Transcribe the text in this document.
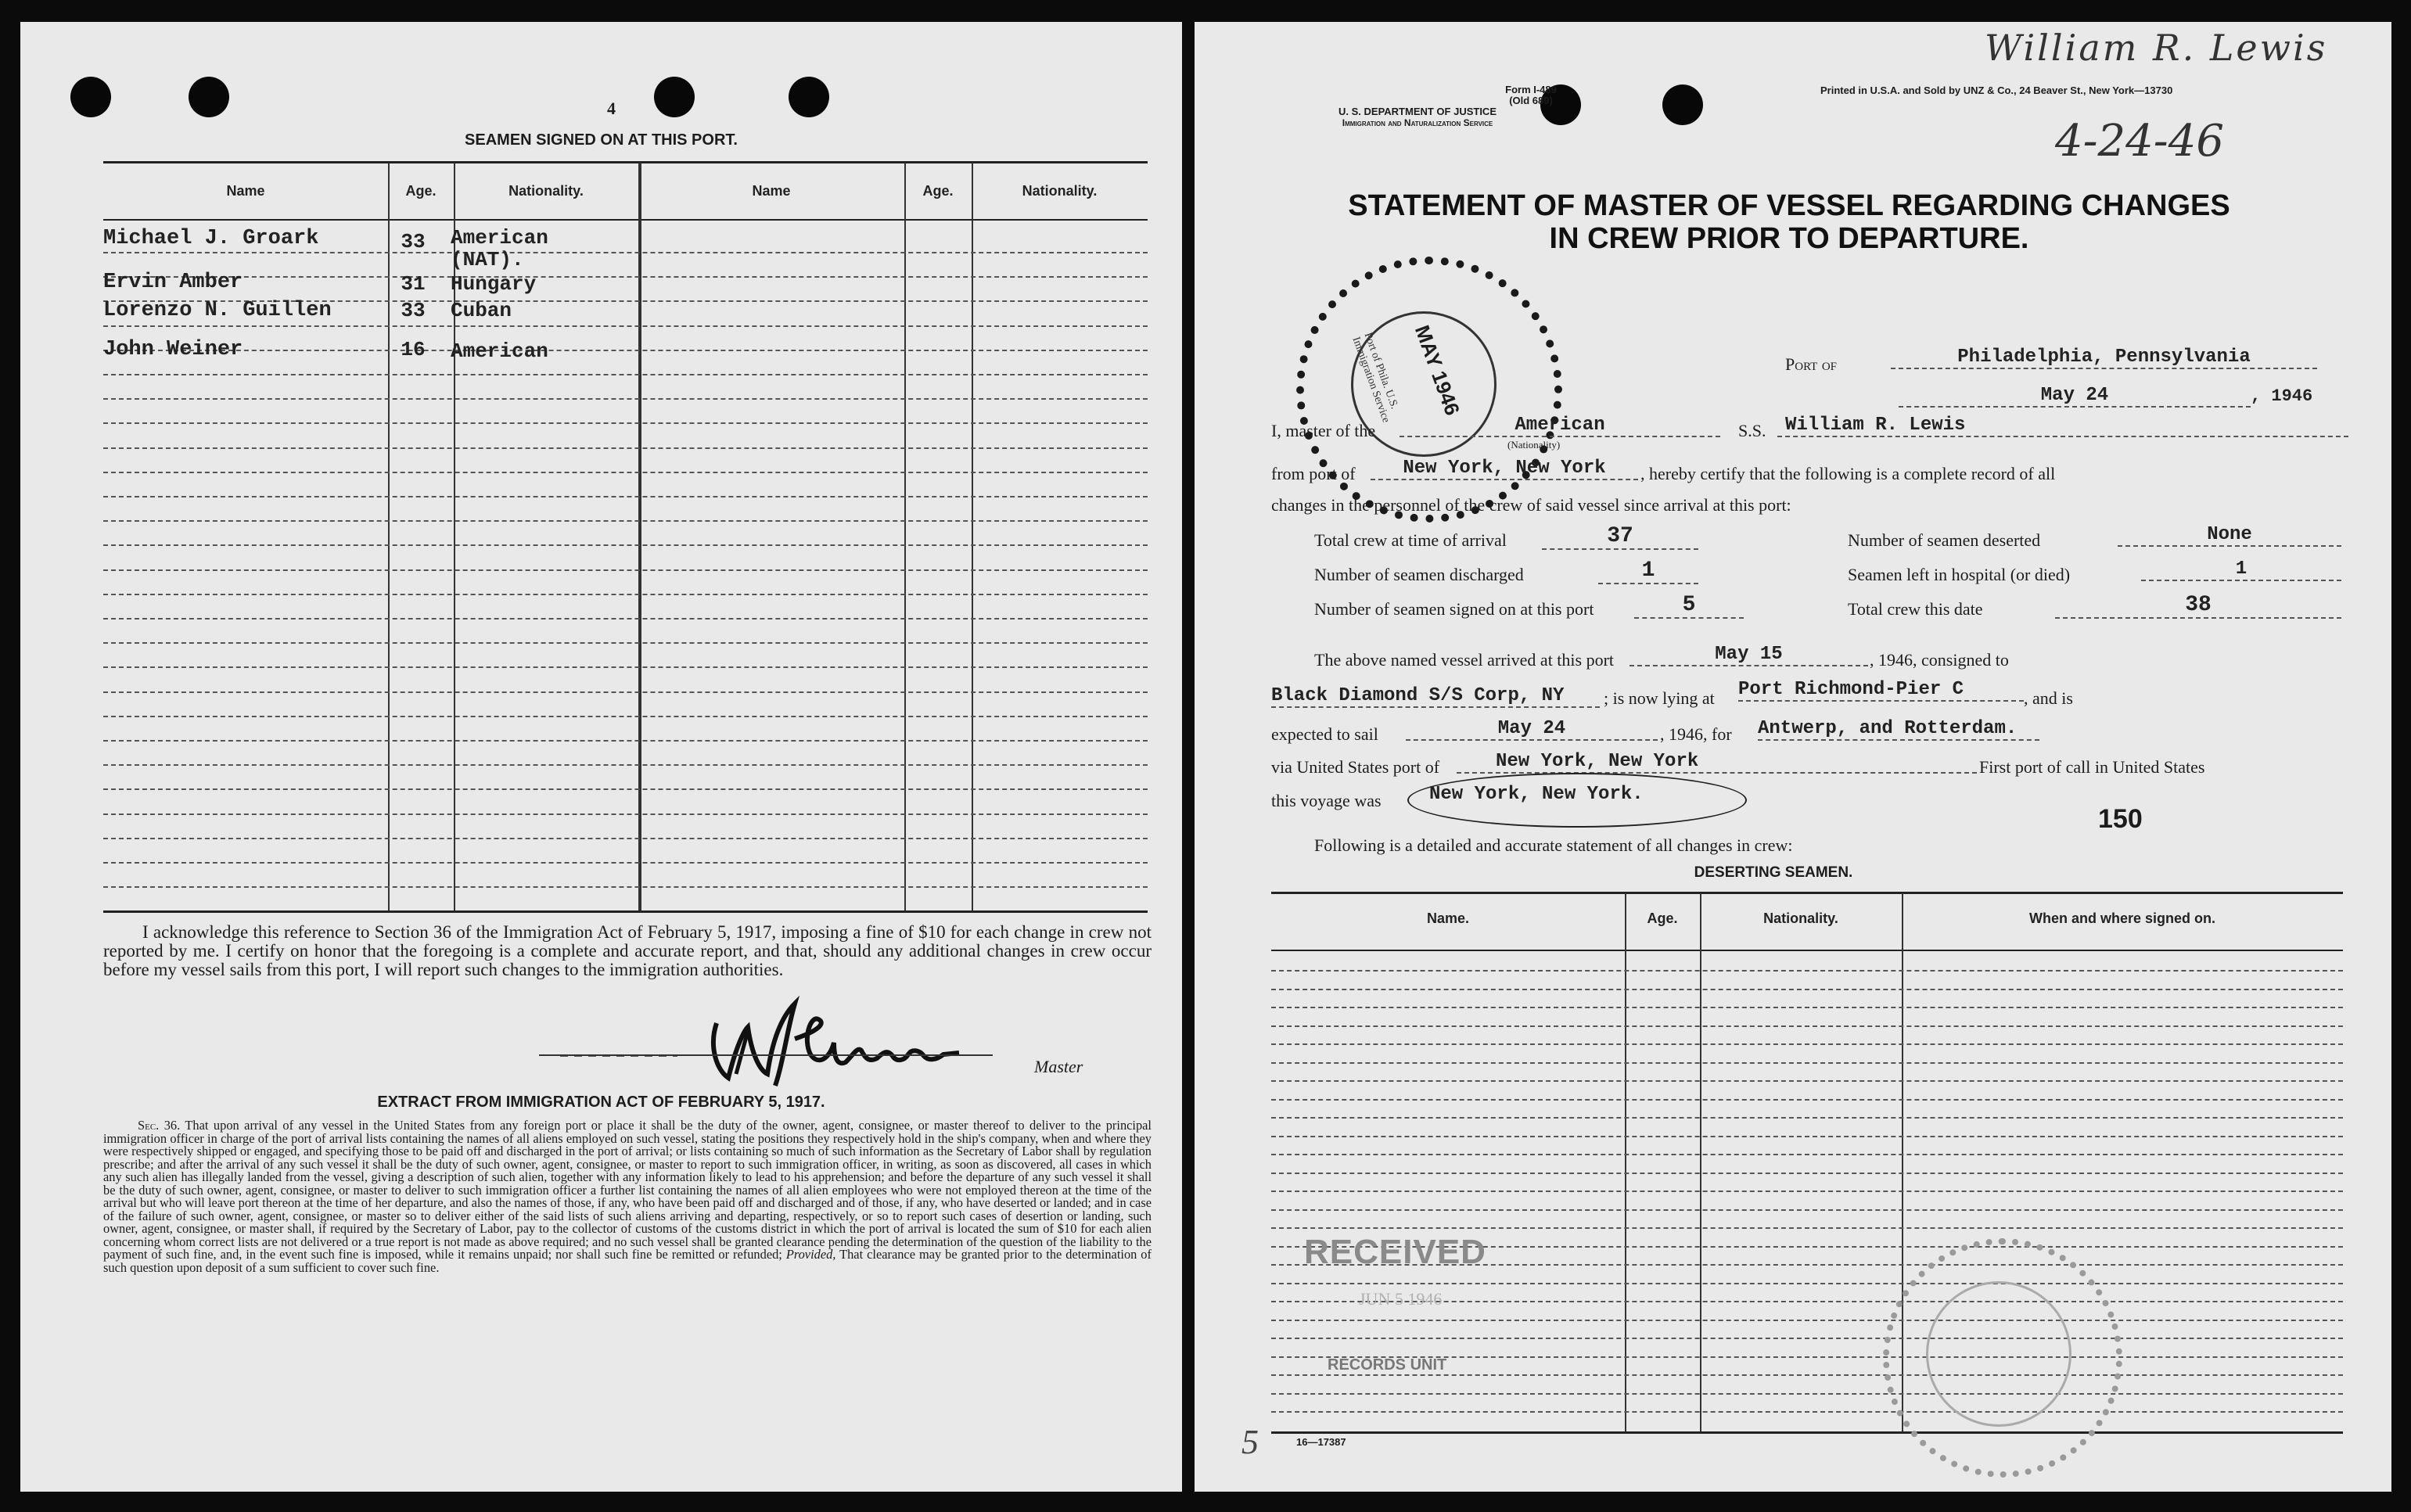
4
SEAMEN SIGNED ON AT THIS PORT.
Name	Age.	Nationality.	Name	Age.	Nationality.
Michael J. Groark	33	American (NAT).
Ervin Amber	31	Hungary
Lorenzo N. Guillen	33	Cuban
John Weiner	16	American
I acknowledge this reference to Section 36 of the Immigration Act of February 5, 1917, imposing a fine of $10 for each change in crew not reported by me. I certify on honor that the foregoing is a complete and accurate report, and that, should any additional changes in crew occur before my vessel sails from this port, I will report such changes to the immigration authorities.
Master
EXTRACT FROM IMMIGRATION ACT OF FEBRUARY 5, 1917.
Sec. 36. That upon arrival of any vessel in the United States from any foreign port or place it shall be the duty of the owner, agent, consignee, or master thereof to deliver to the principal immigration officer in charge of the port of arrival lists containing the names of all aliens employed on such vessel, stating the positions they respectively hold in the ship's company, when and where they were respectively shipped or engaged, and specifying those to be paid off and discharged in the port of arrival; or lists containing so much of such information as the Secretary of Labor shall by regulation prescribe; and after the arrival of any such vessel it shall be the duty of such owner, agent, consignee, or master to report to such immigration officer, in writing, as soon as discovered, all cases in which any such alien has illegally landed from the vessel, giving a description of such alien, together with any information likely to lead to his apprehension; and before the departure of any such vessel it shall be the duty of such owner, agent, consignee, or master to deliver to such immigration officer a further list containing the names of all alien employees who were not employed thereon at the time of the arrival but who will leave port thereon at the time of her departure, and also the names of those, if any, who have been paid off and discharged and of those, if any, who have deserted or landed; and in case of the failure of such owner, agent, consignee, or master so to deliver either of the said lists of such aliens arriving and departing, respectively, or so to report such cases of desertion or landing, such owner, agent, consignee, or master shall, if required by the Secretary of Labor, pay to the collector of customs of the customs district in which the port of arrival is located the sum of $10 for each alien concerning whom correct lists are not delivered or a true report is not made as above required; and no such vessel shall be granted clearance pending the determination of the question of the liability to the payment of such fine, and, in the event such fine is imposed, while it remains unpaid; nor shall such fine be remitted or refunded; Provided, That clearance may be granted prior to the determination of such question upon deposit of a sum sufficient to cover such fine.
Form I-489
(Old 689)
U. S. DEPARTMENT OF JUSTICE
Immigration and Naturalization Service
Printed in U.S.A. and Sold by UNZ & Co., 24 Beaver St., New York—13730
William R. Lewis
4-24-46
STATEMENT OF MASTER OF VESSEL REGARDING CHANGES
IN CREW PRIOR TO DEPARTURE.
MAY 1946
Port of Phila. U.S. Immigration Service	Port of	Philadelphia, Pennsylvania
May 24	, 1946
I, master of the	American
(Nationality)
S.S.	William R. Lewis
from port of	New York, New York	, hereby certify that the following is a complete record of all
changes in the personnel of the crew of said vessel since arrival at this port:
Total crew at time of arrival	37
Number of seamen discharged	1
Number of seamen signed on at this port	5
Number of seamen deserted	None
Seamen left in hospital (or died)	1
Total crew this date	38
The above named vessel arrived at this port	May 15	, 1946, consigned to
Black Diamond S/S Corp, NY	; is now lying at Port Richmond-Pier C	, and is
expected to sail	May 24	, 1946, for Antwerp, and Rotterdam.
via United States port of	New York, New York	First port of call in United States
this voyage was	New York, New York.
150
Following is a detailed and accurate statement of all changes in crew:
DESERTING SEAMEN.
Name.	Age.	Nationality.	When and where signed on.
RECEIVED
JUN 5 1946
RECORDS UNIT
16—17387
5
